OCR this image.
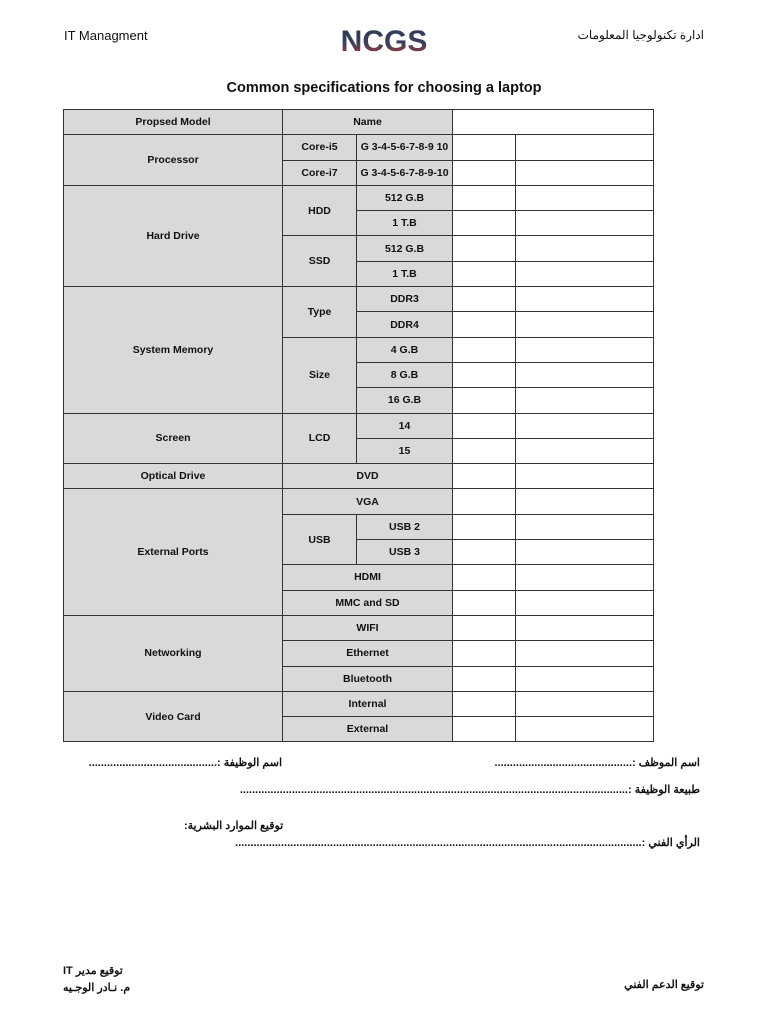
IT Managment	NCGS	ادارة تكنولوجيا المعلومات
Common specifications for choosing a laptop
Propsed Model	Name			
Processor	Core-i5	G 3-4-5-6-7-8-9 10		
	Core-i7	G 3-4-5-6-7-8-9-10		
Hard Drive	HDD	512 G.B		
		1 T.B		
	SSD	512 G.B		
		1 T.B		
System Memory	Type	DDR3		
		DDR4		
	Size	4 G.B		
		8 G.B		
		16 G.B		
Screen	LCD	14		
		15		
Optical Drive	DVD			
External Ports	VGA			
	USB	USB 2		
		USB 3		
	HDMI			
	MMC and SD			
Networking	WIFI			
	Ethernet			
	Bluetooth			
Video Card	Internal			
	External			
اسم الموظف :.............................................
اسم الوظيفة :..........................................
طبيعة الوظيفة :...............................................................................................................................
توقيع الموارد البشرية:
الرأي الفني :.....................................................................................................................................
توقيع مدير IT
م. نـادر الوجـيه	توقيع الدعم الفني
